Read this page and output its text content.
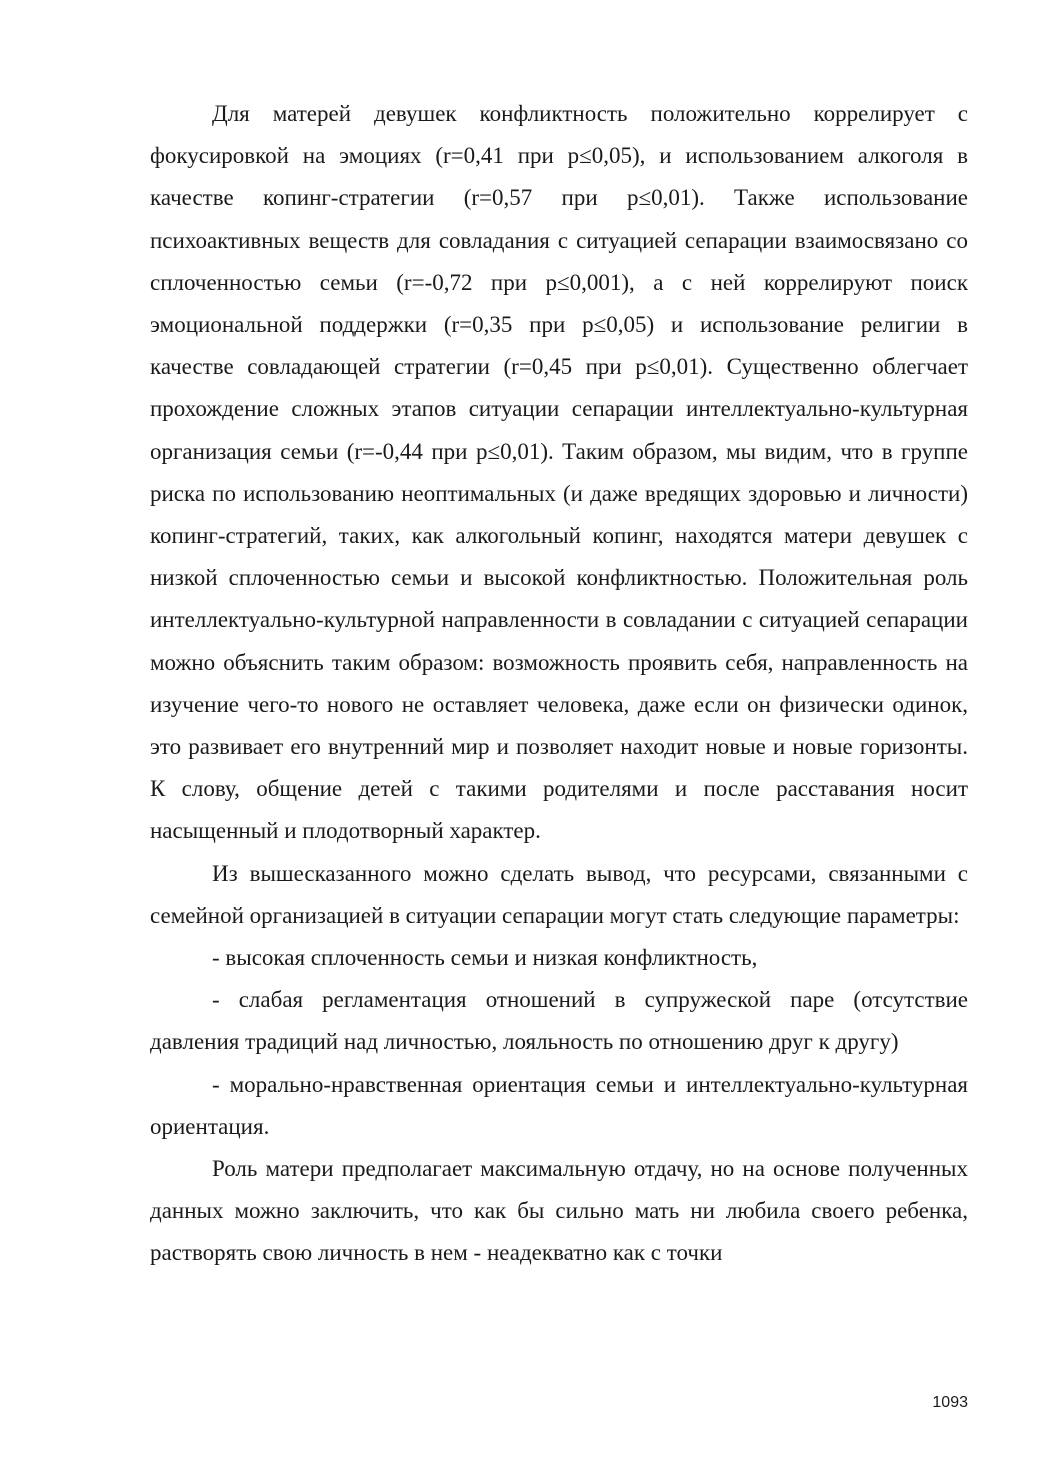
Для матерей девушек конфликтность положительно коррелирует с фокусировкой на эмоциях (r=0,41 при p≤0,05), и использованием алкоголя в качестве копинг-стратегии (r=0,57 при p≤0,01). Также использование психоактивных веществ для совладания с ситуацией сепарации взаимосвязано со сплоченностью семьи (r=-0,72 при p≤0,001), а с ней коррелируют поиск эмоциональной поддержки (r=0,35 при p≤0,05) и использование религии в качестве совладающей стратегии (r=0,45 при p≤0,01). Существенно облегчает прохождение сложных этапов ситуации сепарации интеллектуально-культурная организация семьи (r=-0,44 при p≤0,01). Таким образом, мы видим, что в группе риска по использованию неоптимальных (и даже вредящих здоровью и личности) копинг-стратегий, таких, как алкогольный копинг, находятся матери девушек с низкой сплоченностью семьи и высокой конфликтностью. Положительная роль интеллектуально-культурной направленности в совладании с ситуацией сепарации можно объяснить таким образом: возможность проявить себя, направленность на изучение чего-то нового не оставляет человека, даже если он физически одинок, это развивает его внутренний мир и позволяет находит новые и новые горизонты. К слову, общение детей с такими родителями и после расставания носит насыщенный и плодотворный характер.

Из вышесказанного можно сделать вывод, что ресурсами, связанными с семейной организацией в ситуации сепарации могут стать следующие параметры:

- высокая сплоченность семьи и низкая конфликтность,

- слабая регламентация отношений в супружеской паре (отсутствие давления традиций над личностью, лояльность по отношению друг к другу)

- морально-нравственная ориентация семьи и интеллектуально-культурная ориентация.

Роль матери предполагает максимальную отдачу, но на основе полученных данных можно заключить, что как бы сильно мать ни любила своего ребенка, растворять свою личность в нем - неадекватно как с точки

1093
